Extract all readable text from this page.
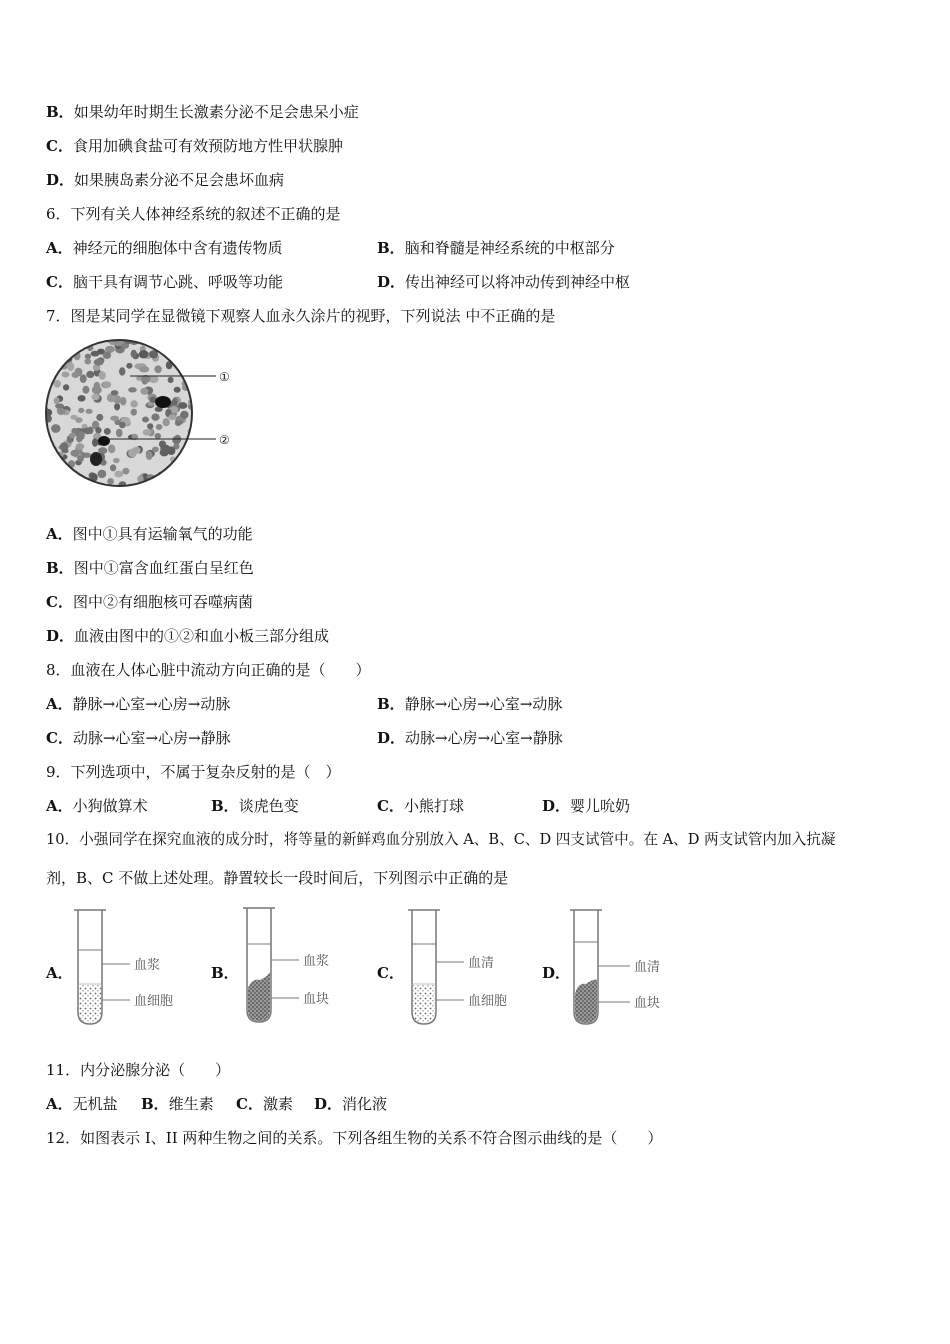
B．如果幼年时期生长激素分泌不足会患呆小症
C．食用加碘食盐可有效预防地方性甲状腺肿
D．如果胰岛素分泌不足会患坏血病
6．下列有关人体神经系统的叙述不正确的是
A．神经元的细胞体中含有遗传物质	B．脑和脊髓是神经系统的中枢部分
C．脑干具有调节心跳、呼吸等功能	D．传出神经可以将冲动传到神经中枢
7．图是某同学在显微镜下观察人血永久涂片的视野，下列说法 中不正确的是
①
②
A．图中①具有运输氧气的功能
B．图中①富含血红蛋白呈红色
C．图中②有细胞核可吞噬病菌
D．血液由图中的①②和血小板三部分组成
8．血液在人体心脏中流动方向正确的是（　　）
A．静脉→心室→心房→动脉	B．静脉→心房→心室→动脉
C．动脉→心室→心房→静脉	D．动脉→心房→心室→静脉
9．下列选项中，不属于复杂反射的是（　）
A．小狗做算术	B．谈虎色变	C．小熊打球	D．婴儿吮奶
10．小强同学在探究血液的成分时，将等量的新鲜鸡血分别放入 A、B、C、D 四支试管中。在 A、D 两支试管内加入抗凝
剂，B、C 不做上述处理。静置较长一段时间后，下列图示中正确的是
A．	B．	C．	D．
血浆
血细胞
血浆
血块
血清
血细胞
血清
血块
11．内分泌腺分泌（　　）
A．无机盐 B．维生素 C．激素 D．消化液
12．如图表示 I、II 两种生物之间的关系。下列各组生物的关系不符合图示曲线的是（　　）
